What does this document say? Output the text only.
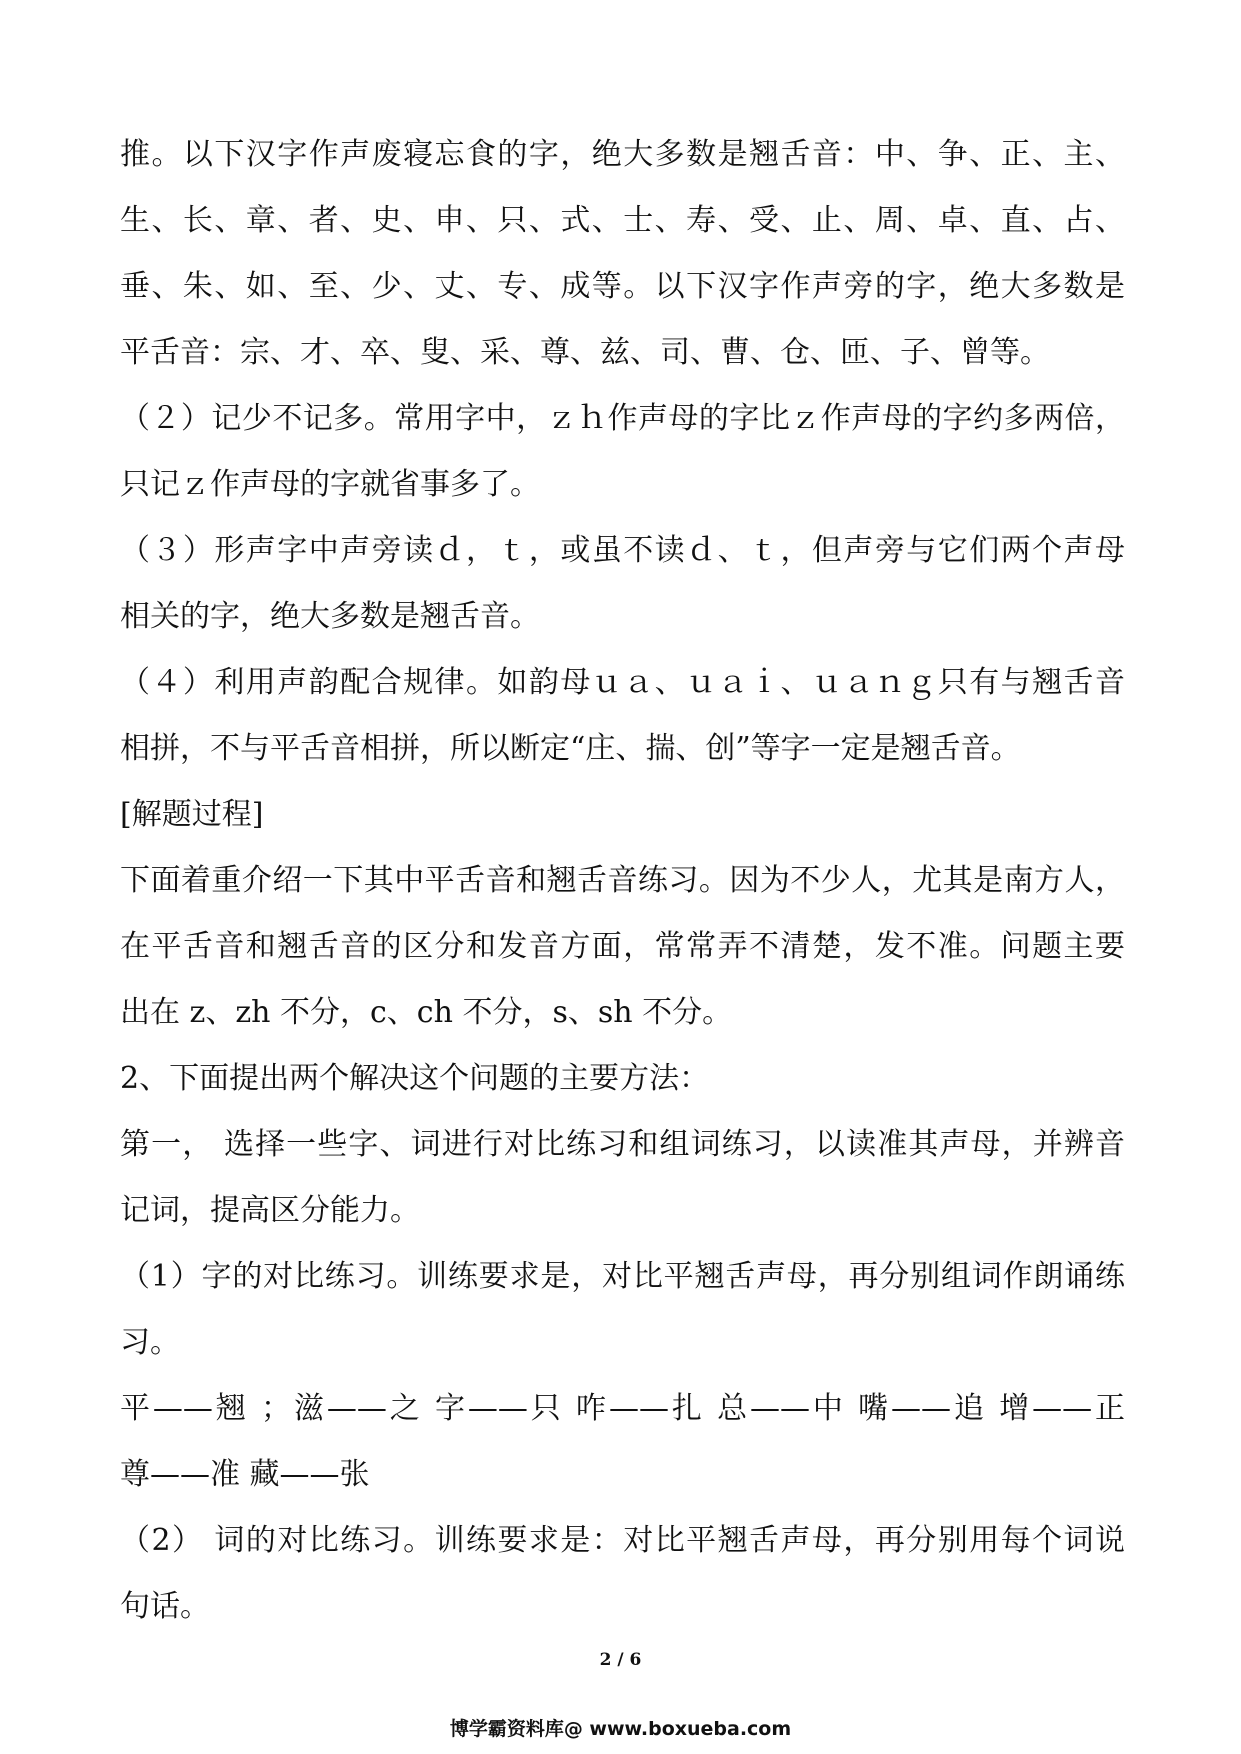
推。以下汉字作声废寝忘食的字，绝大多数是翘舌音：中、争、正、主、
生、长、章、者、史、申、只、式、士、寿、受、止、周、卓、直、占、
垂、朱、如、至、少、丈、专、成等。以下汉字作声旁的字，绝大多数是
平舌音：宗、才、卒、叟、采、尊、兹、司、曹、仓、匝、子、曾等。
（２）记少不记多。常用字中，ｚｈ作声母的字比ｚ作声母的字约多两倍，
只记ｚ作声母的字就省事多了。
（３）形声字中声旁读ｄ，ｔ，或虽不读ｄ、ｔ，但声旁与它们两个声母
相关的字，绝大多数是翘舌音。
（４）利用声韵配合规律。如韵母ｕａ、ｕａｉ、ｕａｎｇ只有与翘舌音
相拼，不与平舌音相拼，所以断定“庄、揣、创”等字一定是翘舌音。
[解题过程]
下面着重介绍一下其中平舌音和翘舌音练习。因为不少人，尤其是南方人，
在平舌音和翘舌音的区分和发音方面，常常弄不清楚，发不准。问题主要
出在 z、zh 不分，c、ch 不分，s、sh 不分。
2、下面提出两个解决这个问题的主要方法：
第一， 选择一些字、词进行对比练习和组词练习，以读准其声母，并辨音
记词，提高区分能力。
（1）字的对比练习。训练要求是，对比平翘舌声母，再分别组词作朗诵练
习。
平——翘 ；滋——之 字——只 咋——扎 总——中 嘴——追 增——正
尊——准 藏——张
（2） 词的对比练习。训练要求是：对比平翘舌声母，再分别用每个词说
句话。
2 / 6
博学霸资料库@ www.boxueba.com
